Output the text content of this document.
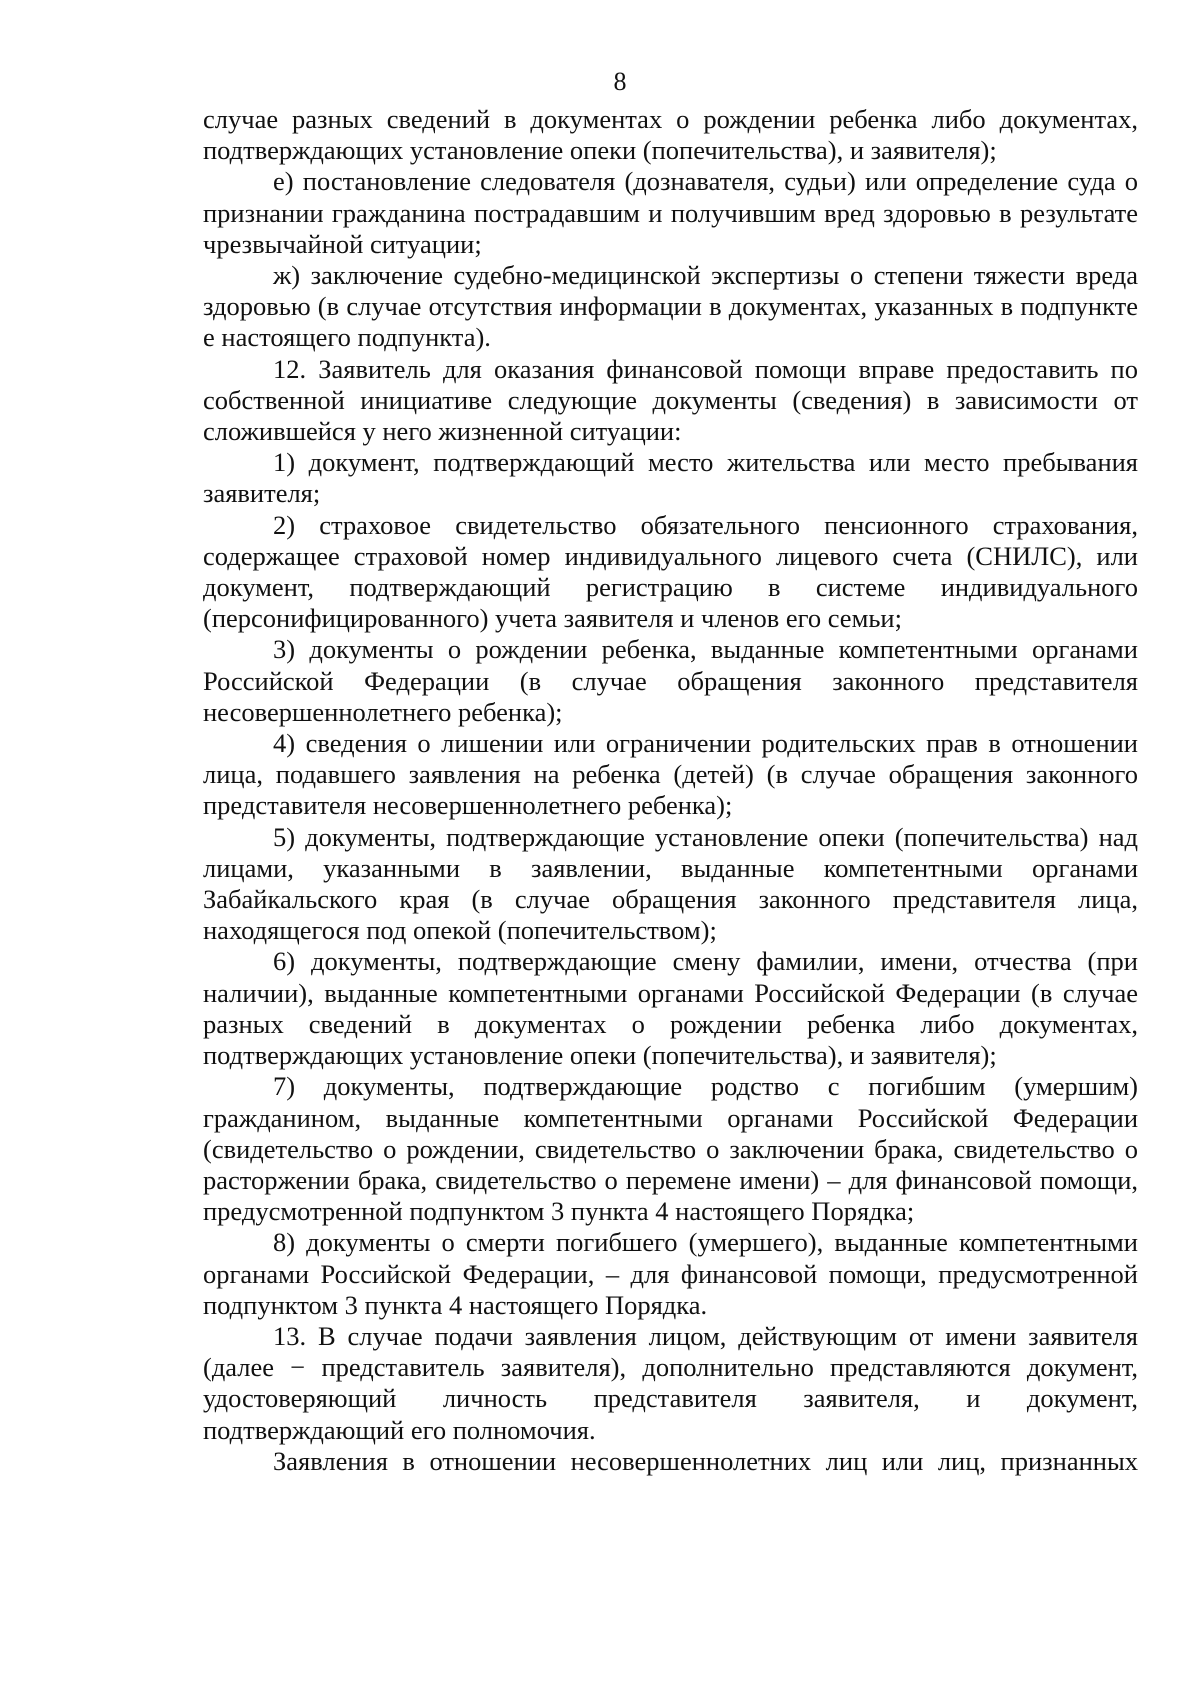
8

случае разных сведений в документах о рождении ребенка либо документах, подтверждающих установление опеки (попечительства), и заявителя);

е) постановление следователя (дознавателя, судьи) или определение суда о признании гражданина пострадавшим и получившим вред здоровью в результате чрезвычайной ситуации;

ж) заключение судебно-медицинской экспертизы о степени тяжести вреда здоровью (в случае отсутствия информации в документах, указанных в подпункте е настоящего подпункта).

12. Заявитель для оказания финансовой помощи вправе предоставить по собственной инициативе следующие документы (сведения) в зависимости от сложившейся у него жизненной ситуации:

1) документ, подтверждающий место жительства или место пребывания заявителя;

2) страховое свидетельство обязательного пенсионного страхования, содержащее страховой номер индивидуального лицевого счета (СНИЛС), или документ, подтверждающий регистрацию в системе индивидуального (персонифицированного) учета заявителя и членов его семьи;

3) документы о рождении ребенка, выданные компетентными органами Российской Федерации (в случае обращения законного представителя несовершеннолетнего ребенка);

4) сведения о лишении или ограничении родительских прав в отношении лица, подавшего заявления на ребенка (детей) (в случае обращения законного представителя несовершеннолетнего ребенка);

5) документы, подтверждающие установление опеки (попечительства) над лицами, указанными в заявлении, выданные компетентными органами Забайкальского края (в случае обращения законного представителя лица, находящегося под опекой (попечительством);

6) документы, подтверждающие смену фамилии, имени, отчества (при наличии), выданные компетентными органами Российской Федерации (в случае разных сведений в документах о рождении ребенка либо документах, подтверждающих установление опеки (попечительства), и заявителя);

7) документы, подтверждающие родство с погибшим (умершим) гражданином, выданные компетентными органами Российской Федерации (свидетельство о рождении, свидетельство о заключении брака, свидетельство о расторжении брака, свидетельство о перемене имени) – для финансовой помощи, предусмотренной подпунктом 3 пункта 4 настоящего Порядка;

8) документы о смерти погибшего (умершего), выданные компетентными органами Российской Федерации, – для финансовой помощи, предусмотренной подпунктом 3 пункта 4 настоящего Порядка.

13. В случае подачи заявления лицом, действующим от имени заявителя (далее − представитель заявителя), дополнительно представляются документ, удостоверяющий личность представителя заявителя, и документ, подтверждающий его полномочия.

Заявления в отношении несовершеннолетних лиц или лиц, признанных
